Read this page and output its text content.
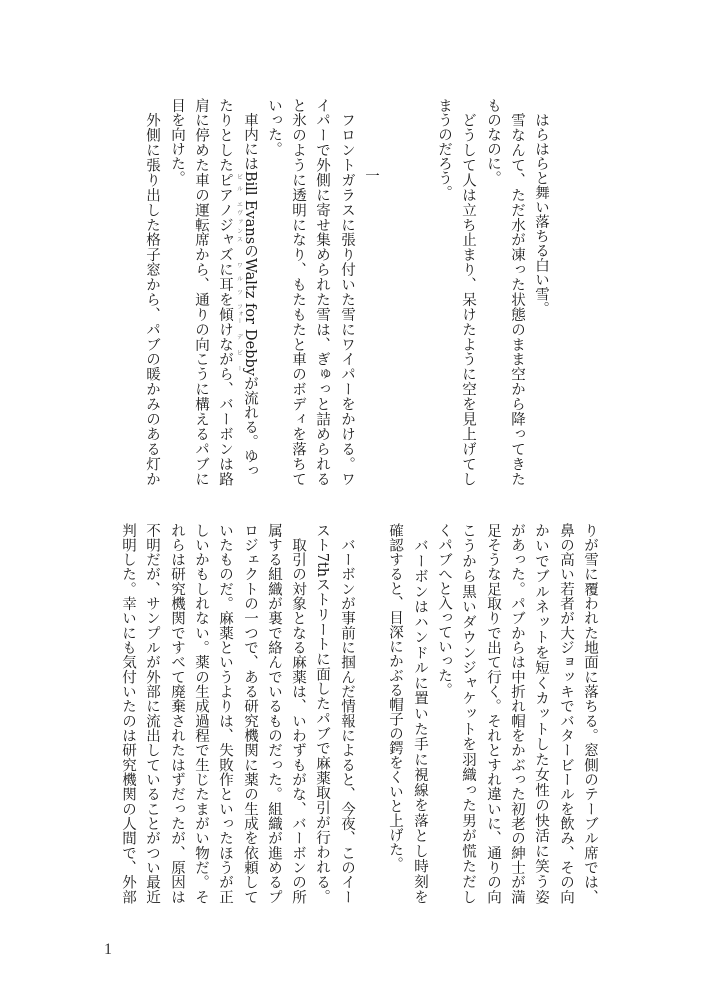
　はらはらと舞い落ちる白い雪。
　雪なんて、ただ水が凍った状態のまま空から降ってきた
ものなのに。
　どうして人は立ち止まり、呆けたように空を見上げてし
まうのだろう。
一
　フロントガラスに張り付いた雪にワイパーをかける。ワ
イパーで外側に寄せ集められた雪は、ぎゅっと詰められる
と氷のように透明になり、もたもたと車のボディを落ちて
いった。
　車内にはBillビル EvansエヴァンスのWaltzワルツ forフォー Debbyデビーが流れる。ゆっ
たりとしたピアノジャズに耳を傾けながら、バーボンは路
肩に停めた車の運転席から、通りの向こうに構えるパブに
目を向けた。
　外側に張り出した格子窓から、パブの暖かみのある灯か
りが雪に覆われた地面に落ちる。窓側のテーブル席では、
鼻の高い若者が大ジョッキでバタービールを飲み、その向
かいでブルネットを短くカットした女性の快活に笑う姿
があった。パブからは中折れ帽をかぶった初老の紳士が満
足そうな足取りで出て行く。それとすれ違いに、通りの向
こうから黒いダウンジャケットを羽織った男が慌ただし
くパブへと入っていった。
　バーボンはハンドルに置いた手に視線を落とし時刻を
確認すると、目深にかぶる帽子の鍔をくいと上げた。
　バーボンが事前に掴んだ情報によると、今夜、このイー
スト7thストリートに面したパブで麻薬取引が行われる。
　取引の対象となる麻薬は、いわずもがな、バーボンの所
属する組織が裏で絡んでいるものだった。組織が進めるプ
ロジェクトの一つで、ある研究機関に薬の生成を依頼して
いたものだ。麻薬というよりは、失敗作といったほうが正
しいかもしれない。薬の生成過程で生じたまがい物だ。そ
れらは研究機関ですべて廃棄されたはずだったが、原因は
不明だが、サンプルが外部に流出していることがつい最近
判明した。幸いにも気付いたのは研究機関の人間で、外部
1
